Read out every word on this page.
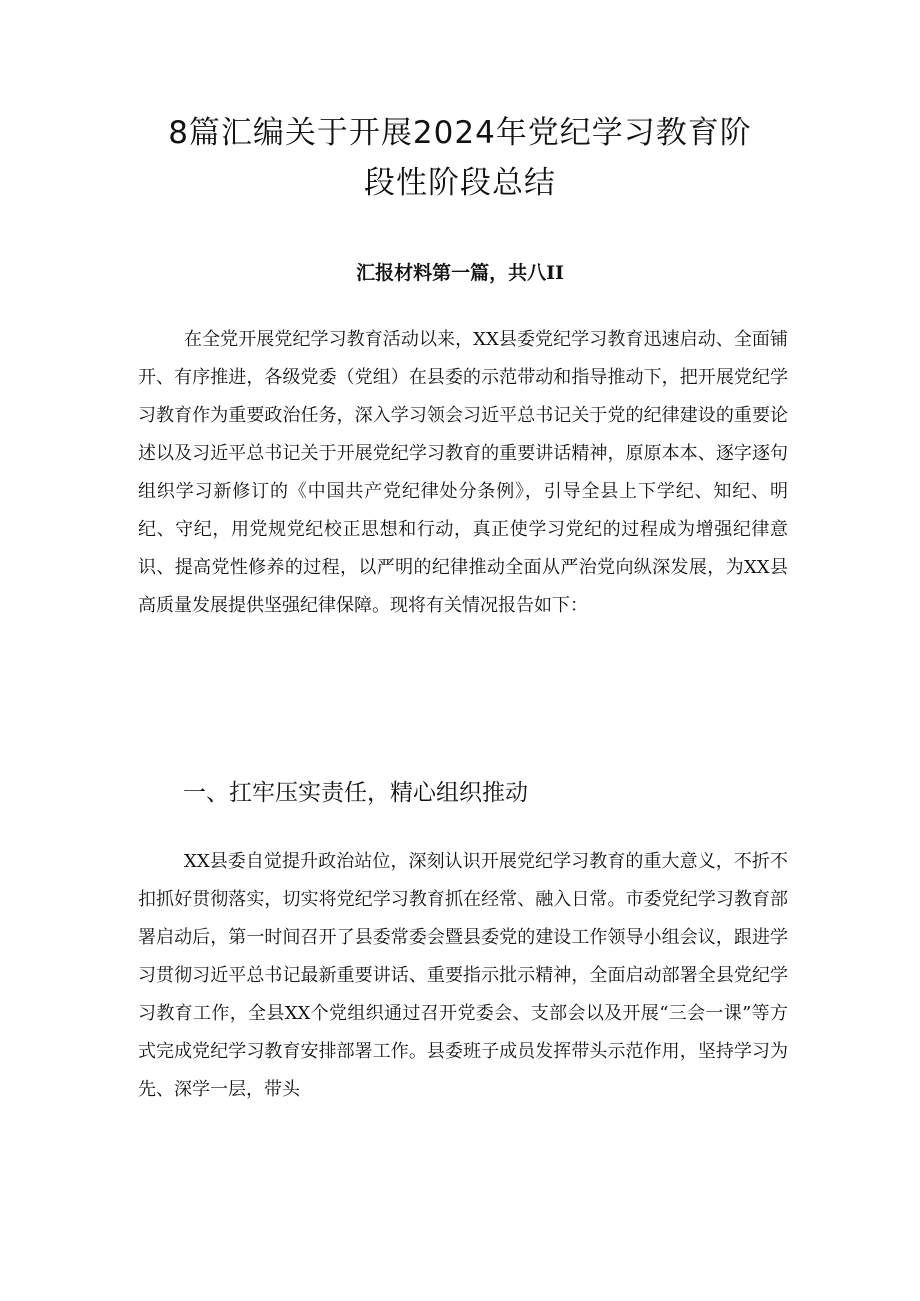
8篇汇编关于开展2024年党纪学习教育阶
段性阶段总结
汇报材料第一篇，共八II

在全党开展党纪学习教育活动以来，XX县委党纪学习教育迅速启动、全面铺开、有序推进，各级党委（党组）在县委的示范带动和指导推动下，把开展党纪学习教育作为重要政治任务，深入学习领会习近平总书记关于党的纪律建设的重要论述以及习近平总书记关于开展党纪学习教育的重要讲话精神，原原本本、逐字逐句组织学习新修订的《中国共产党纪律处分条例》，引导全县上下学纪、知纪、明纪、守纪，用党规党纪校正思想和行动，真正使学习党纪的过程成为增强纪律意识、提高党性修养的过程，以严明的纪律推动全面从严治党向纵深发展，为XX县高质量发展提供坚强纪律保障。现将有关情况报告如下：

一、扛牢压实责任，精心组织推动

XX县委自觉提升政治站位，深刻认识开展党纪学习教育的重大意义，不折不扣抓好贯彻落实，切实将党纪学习教育抓在经常、融入日常。市委党纪学习教育部署启动后，第一时间召开了县委常委会暨县委党的建设工作领导小组会议，跟进学习贯彻习近平总书记最新重要讲话、重要指示批示精神，全面启动部署全县党纪学习教育工作，全县XX个党组织通过召开党委会、支部会以及开展“三会一课”等方式完成党纪学习教育安排部署工作。县委班子成员发挥带头示范作用，坚持学习为先、深学一层，带头
